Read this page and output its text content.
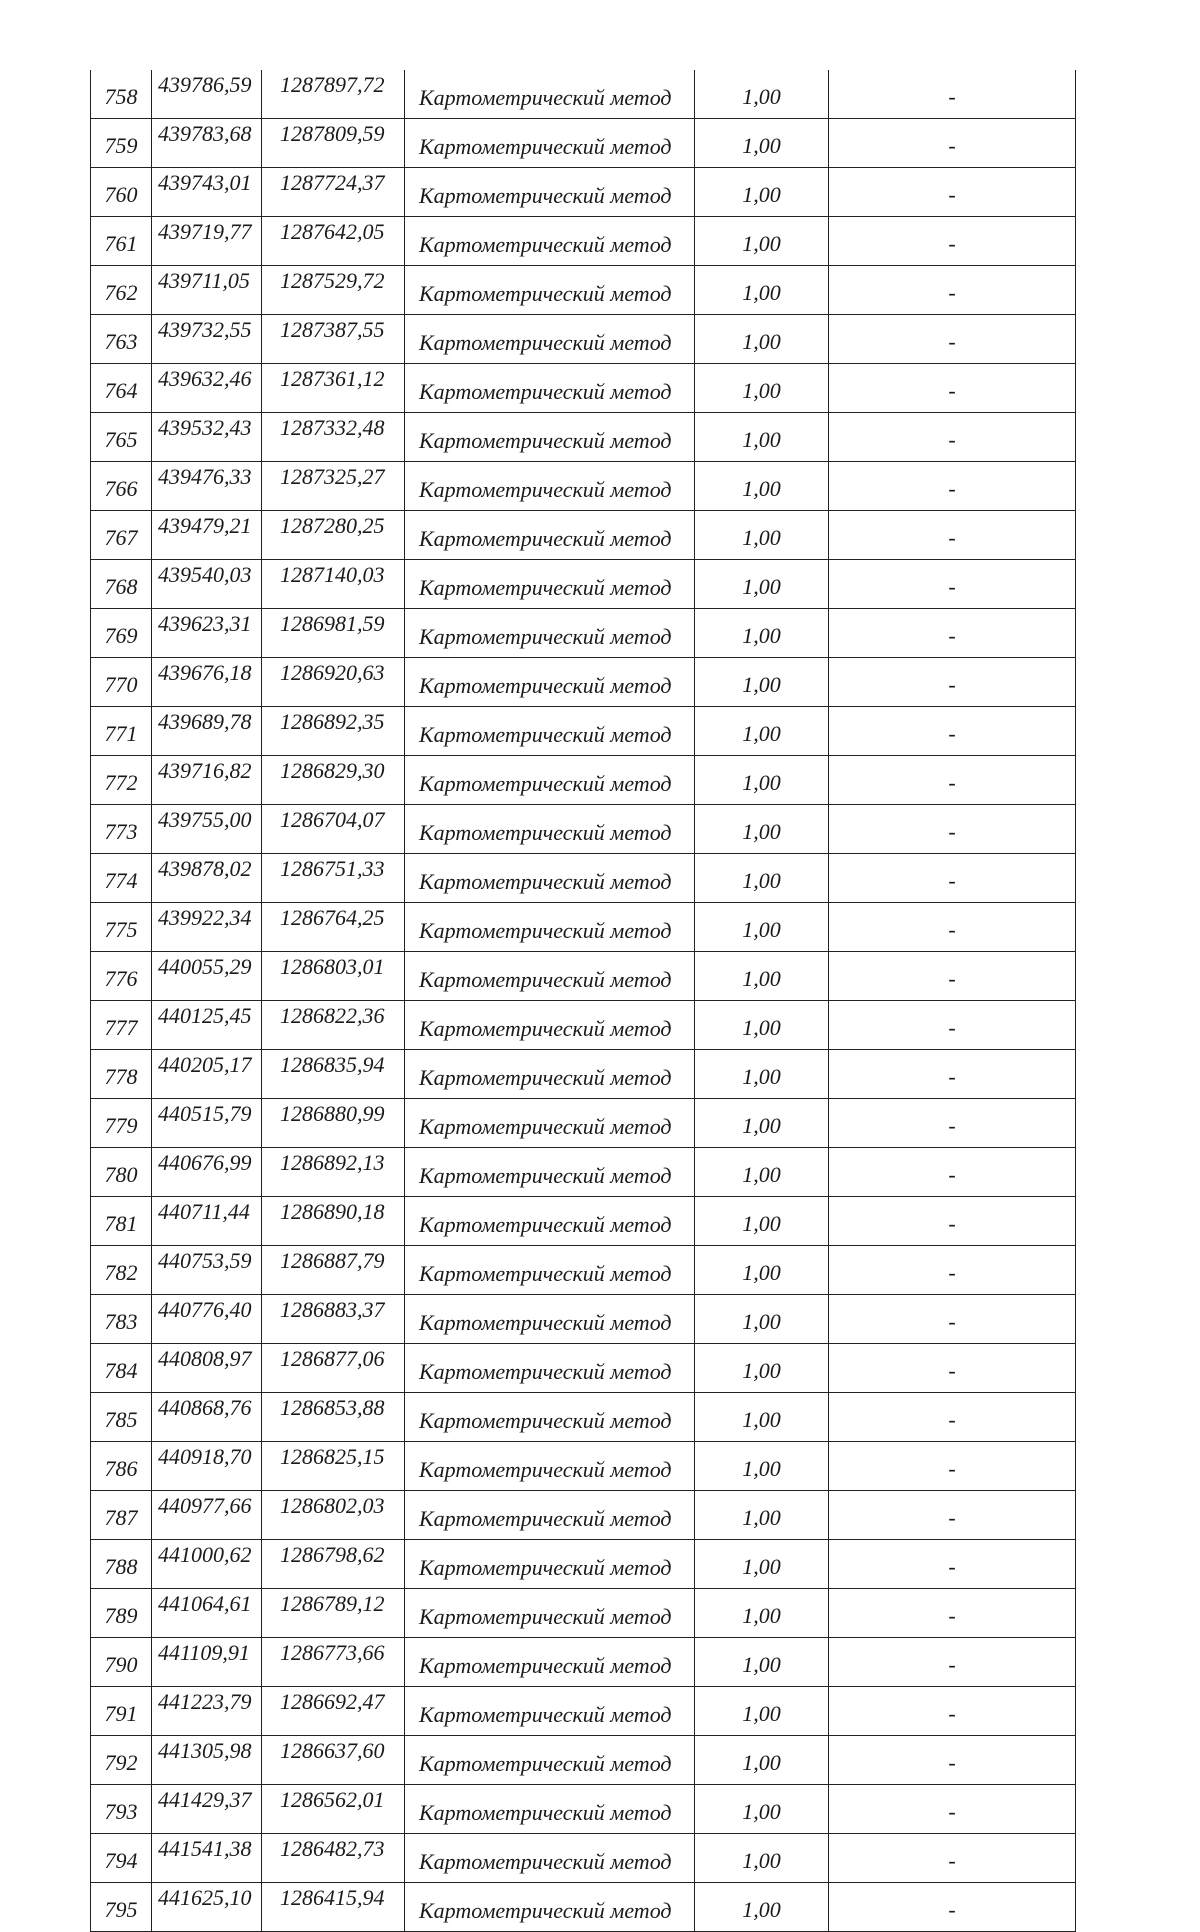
758	439786,59	1287897,72	Картометрический метод	1,00	-
759	439783,68	1287809,59	Картометрический метод	1,00	-
760	439743,01	1287724,37	Картометрический метод	1,00	-
761	439719,77	1287642,05	Картометрический метод	1,00	-
762	439711,05	1287529,72	Картометрический метод	1,00	-
763	439732,55	1287387,55	Картометрический метод	1,00	-
764	439632,46	1287361,12	Картометрический метод	1,00	-
765	439532,43	1287332,48	Картометрический метод	1,00	-
766	439476,33	1287325,27	Картометрический метод	1,00	-
767	439479,21	1287280,25	Картометрический метод	1,00	-
768	439540,03	1287140,03	Картометрический метод	1,00	-
769	439623,31	1286981,59	Картометрический метод	1,00	-
770	439676,18	1286920,63	Картометрический метод	1,00	-
771	439689,78	1286892,35	Картометрический метод	1,00	-
772	439716,82	1286829,30	Картометрический метод	1,00	-
773	439755,00	1286704,07	Картометрический метод	1,00	-
774	439878,02	1286751,33	Картометрический метод	1,00	-
775	439922,34	1286764,25	Картометрический метод	1,00	-
776	440055,29	1286803,01	Картометрический метод	1,00	-
777	440125,45	1286822,36	Картометрический метод	1,00	-
778	440205,17	1286835,94	Картометрический метод	1,00	-
779	440515,79	1286880,99	Картометрический метод	1,00	-
780	440676,99	1286892,13	Картометрический метод	1,00	-
781	440711,44	1286890,18	Картометрический метод	1,00	-
782	440753,59	1286887,79	Картометрический метод	1,00	-
783	440776,40	1286883,37	Картометрический метод	1,00	-
784	440808,97	1286877,06	Картометрический метод	1,00	-
785	440868,76	1286853,88	Картометрический метод	1,00	-
786	440918,70	1286825,15	Картометрический метод	1,00	-
787	440977,66	1286802,03	Картометрический метод	1,00	-
788	441000,62	1286798,62	Картометрический метод	1,00	-
789	441064,61	1286789,12	Картометрический метод	1,00	-
790	441109,91	1286773,66	Картометрический метод	1,00	-
791	441223,79	1286692,47	Картометрический метод	1,00	-
792	441305,98	1286637,60	Картометрический метод	1,00	-
793	441429,37	1286562,01	Картометрический метод	1,00	-
794	441541,38	1286482,73	Картометрический метод	1,00	-
795	441625,10	1286415,94	Картометрический метод	1,00	-
